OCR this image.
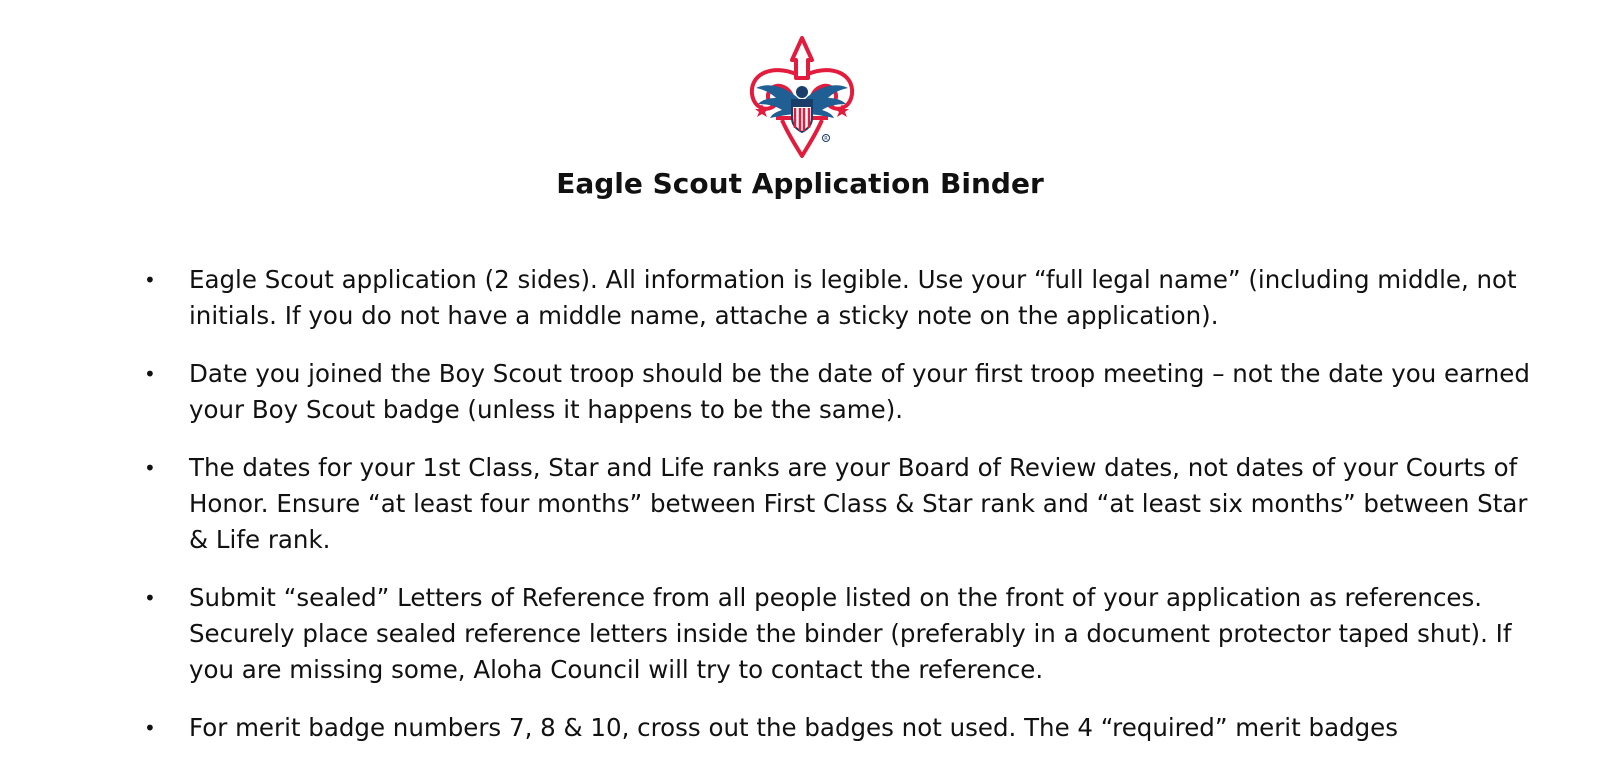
R
Eagle Scout Application Binder
• Eagle Scout application (2 sides). All information is legible. Use your “full legal name” (including middle, not initials. If you do not have a middle name, attache a sticky note on the application).
• Date you joined the Boy Scout troop should be the date of your first troop meeting – not the date you earned your Boy Scout badge (unless it happens to be the same).
• The dates for your 1st Class, Star and Life ranks are your Board of Review dates, not dates of your Courts of Honor. Ensure “at least four months” between First Class & Star rank and “at least six months” between Star & Life rank.
• Submit “sealed” Letters of Reference from all people listed on the front of your application as references. Securely place sealed reference letters inside the binder (preferably in a document protector taped shut). If you are missing some, Aloha Council will try to contact the reference.
• For merit badge numbers 7, 8 & 10, cross out the badges not used. The 4 “required” merit badges
